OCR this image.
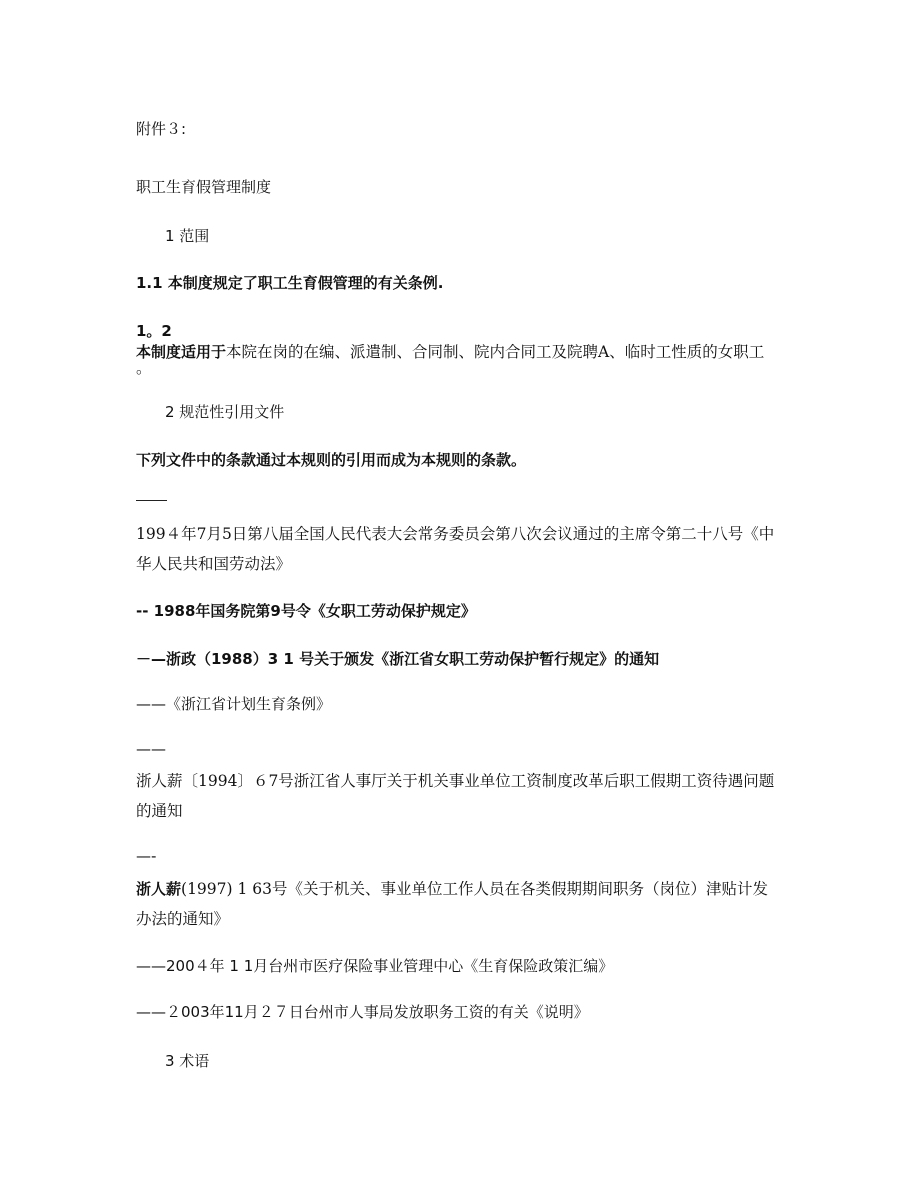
附件３:
职工生育假管理制度
1 范围
1.1 本制度规定了职工生育假管理的有关条例.
1。2
本制度适用于本院在岗的在编、派遣制、合同制、院内合同工及院聘A、临时工性质的女职工
。
2 规范性引用文件
下列文件中的条款通过本规则的引用而成为本规则的条款。
199４年7月5日第八届全国人民代表大会常务委员会第八次会议通过的主席令第二十八号《中
华人民共和国劳动法》
-- 1988年国务院第9号令《女职工劳动保护规定》
－—浙政（1988）3 1 号关于颁发《浙江省女职工劳动保护暂行规定》的通知
——《浙江省计划生育条例》
——
浙人薪〔1994〕６7号浙江省人事厅关于机关事业单位工资制度改革后职工假期工资待遇问题
的通知
—-
浙人薪(1997) 1 63号《关于机关、事业单位工作人员在各类假期期间职务（岗位）津贴计发
办法的通知》
——200４年 1 1月台州市医疗保险事业管理中心《生育保险政策汇编》
——２003年11月２７日台州市人事局发放职务工资的有关《说明》
3 术语
